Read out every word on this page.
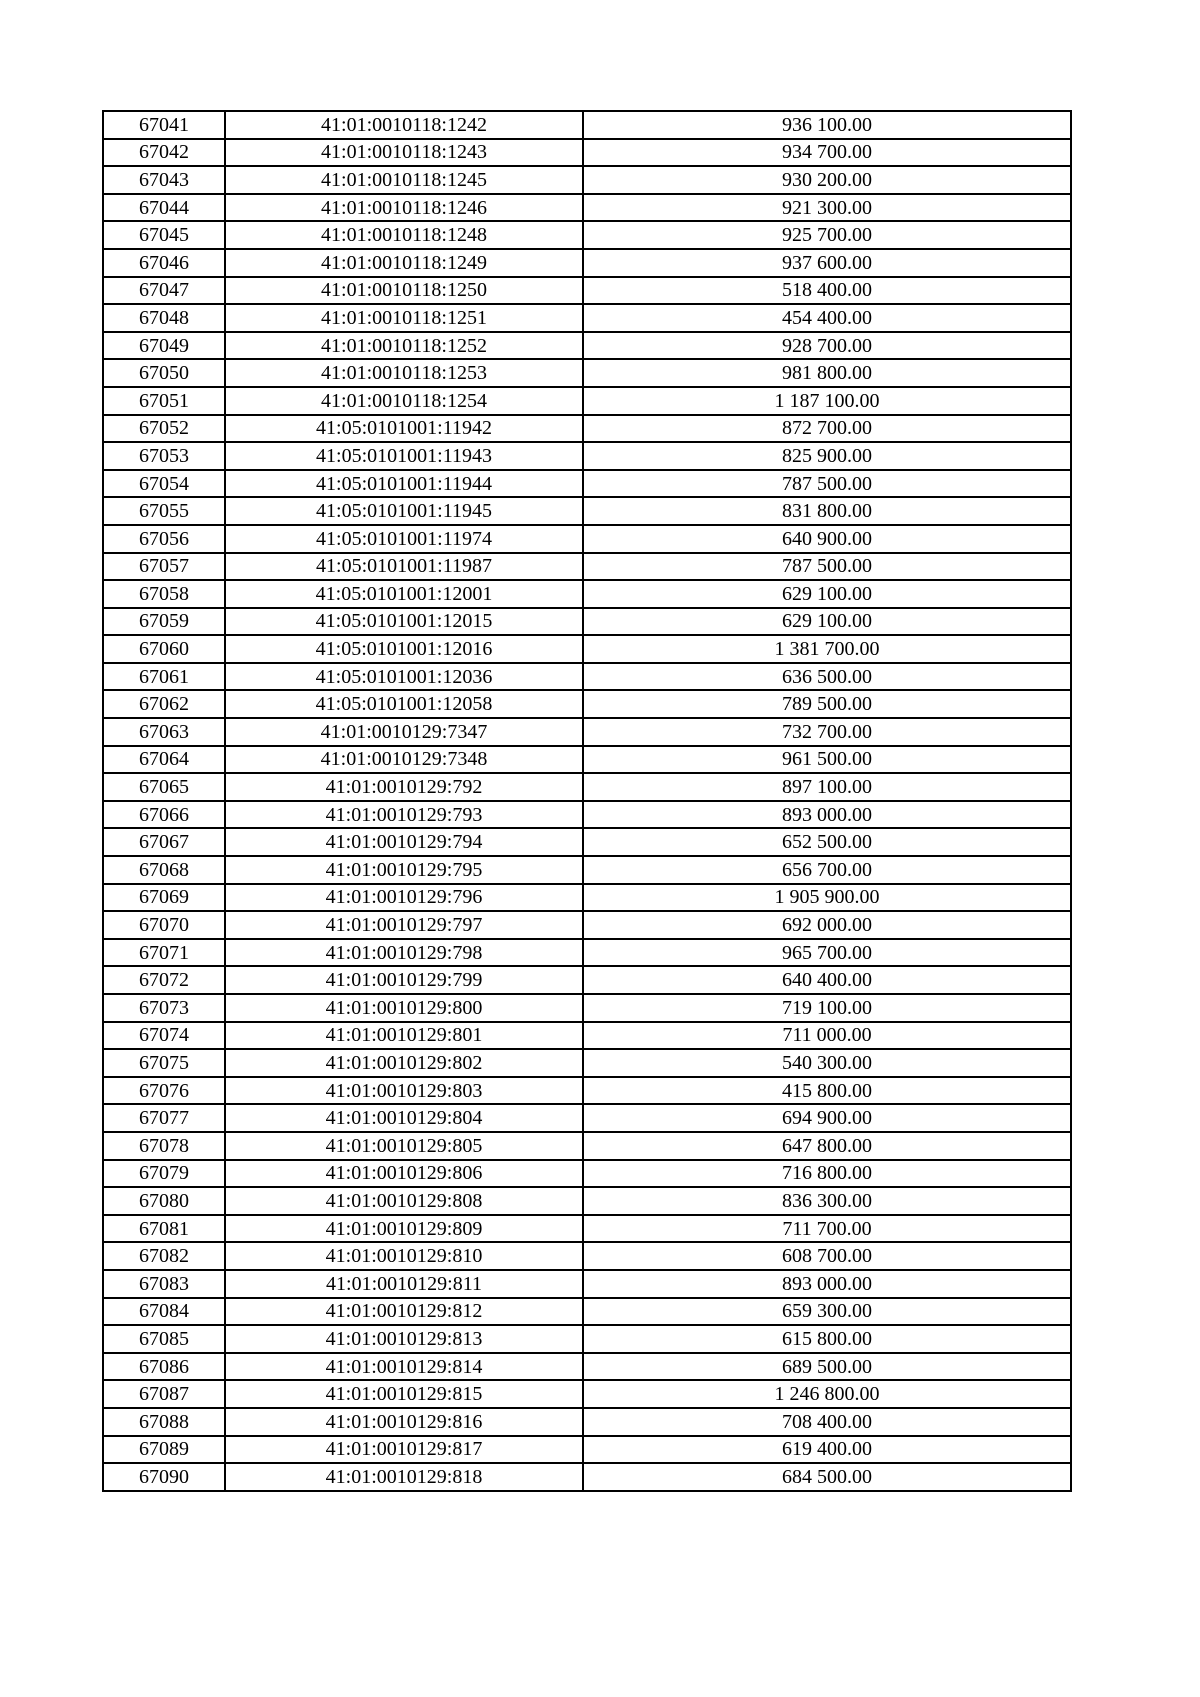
67041	41:01:0010118:1242	936 100.00
67042	41:01:0010118:1243	934 700.00
67043	41:01:0010118:1245	930 200.00
67044	41:01:0010118:1246	921 300.00
67045	41:01:0010118:1248	925 700.00
67046	41:01:0010118:1249	937 600.00
67047	41:01:0010118:1250	518 400.00
67048	41:01:0010118:1251	454 400.00
67049	41:01:0010118:1252	928 700.00
67050	41:01:0010118:1253	981 800.00
67051	41:01:0010118:1254	1 187 100.00
67052	41:05:0101001:11942	872 700.00
67053	41:05:0101001:11943	825 900.00
67054	41:05:0101001:11944	787 500.00
67055	41:05:0101001:11945	831 800.00
67056	41:05:0101001:11974	640 900.00
67057	41:05:0101001:11987	787 500.00
67058	41:05:0101001:12001	629 100.00
67059	41:05:0101001:12015	629 100.00
67060	41:05:0101001:12016	1 381 700.00
67061	41:05:0101001:12036	636 500.00
67062	41:05:0101001:12058	789 500.00
67063	41:01:0010129:7347	732 700.00
67064	41:01:0010129:7348	961 500.00
67065	41:01:0010129:792	897 100.00
67066	41:01:0010129:793	893 000.00
67067	41:01:0010129:794	652 500.00
67068	41:01:0010129:795	656 700.00
67069	41:01:0010129:796	1 905 900.00
67070	41:01:0010129:797	692 000.00
67071	41:01:0010129:798	965 700.00
67072	41:01:0010129:799	640 400.00
67073	41:01:0010129:800	719 100.00
67074	41:01:0010129:801	711 000.00
67075	41:01:0010129:802	540 300.00
67076	41:01:0010129:803	415 800.00
67077	41:01:0010129:804	694 900.00
67078	41:01:0010129:805	647 800.00
67079	41:01:0010129:806	716 800.00
67080	41:01:0010129:808	836 300.00
67081	41:01:0010129:809	711 700.00
67082	41:01:0010129:810	608 700.00
67083	41:01:0010129:811	893 000.00
67084	41:01:0010129:812	659 300.00
67085	41:01:0010129:813	615 800.00
67086	41:01:0010129:814	689 500.00
67087	41:01:0010129:815	1 246 800.00
67088	41:01:0010129:816	708 400.00
67089	41:01:0010129:817	619 400.00
67090	41:01:0010129:818	684 500.00
